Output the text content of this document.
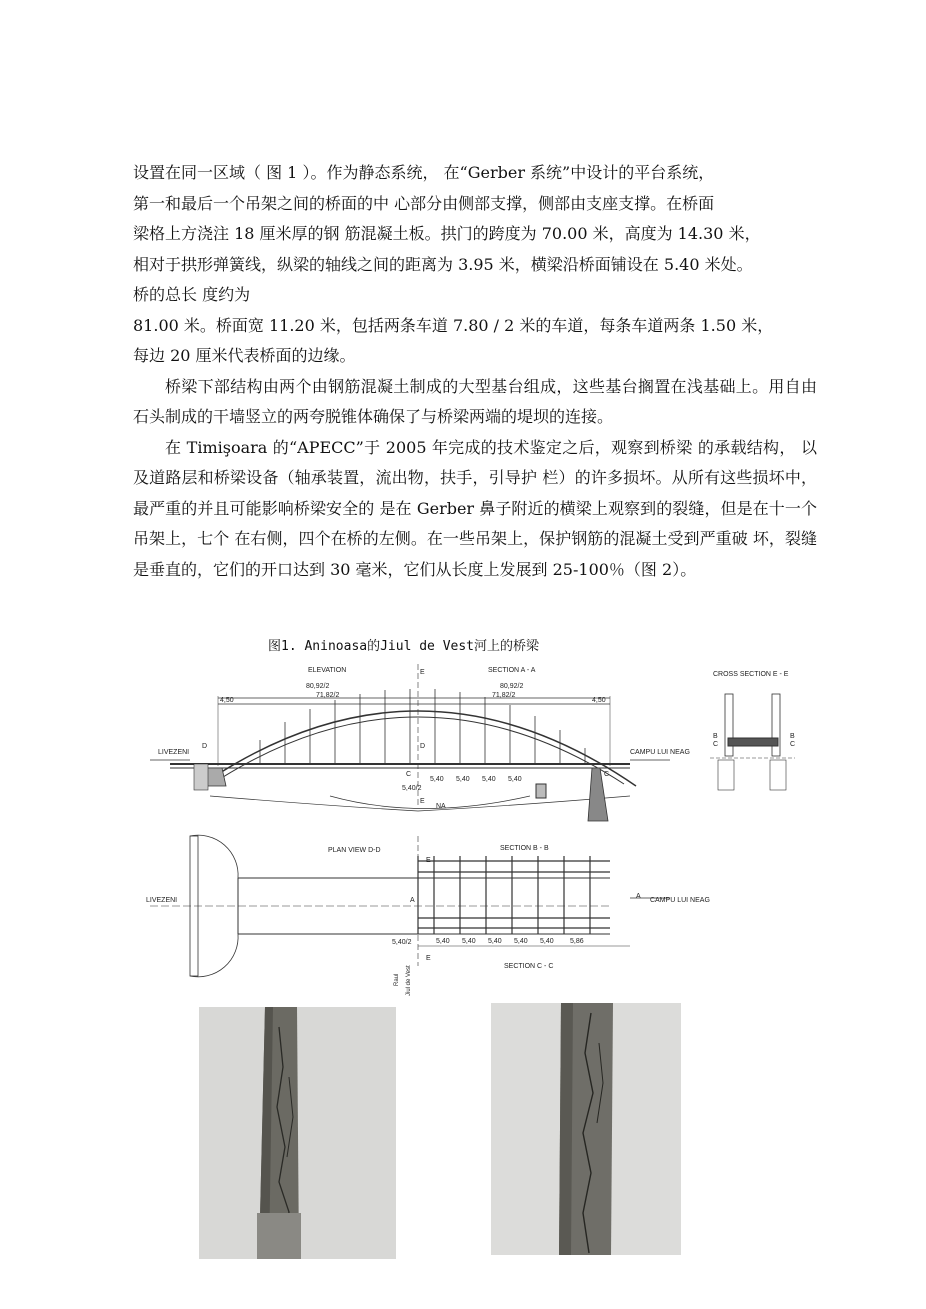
设置在同一区域（ 图 1 ）。作为静态系统， 在“Gerber 系统”中设计的平台系统，

第一和最后一个吊架之间的桥面的中 心部分由侧部支撑，侧部由支座支撑。在桥面

梁格上方浇注 18 厘米厚的钢 筋混凝土板。拱门的跨度为 70.00 米，高度为 14.30 米，

相对于拱形弹簧线，纵梁的轴线之间的距离为 3.95 米，横梁沿桥面铺设在 5.40 米处。

桥的总长 度约为

81.00 米。桥面宽 11.20 米，包括两条车道 7.80 / 2 米的车道，每条车道两条 1.50 米，

每边 20 厘米代表桥面的边缘。

桥梁下部结构由两个由钢筋混凝土制成的大型基台组成，这些基台搁置在浅基础上。用自由石头制成的干墙竖立的两夸脱锥体确保了与桥梁两端的堤坝的连接。

在 Timişoara 的“APECC”于 2005 年完成的技术鉴定之后，观察到桥梁 的承载结构， 以及道路层和桥梁设备（轴承装置，流出物，扶手，引导护 栏）的许多损坏。从所有这些损坏中，最严重的并且可能影响桥梁安全的 是在 Gerber 鼻子附近的横梁上观察到的裂缝，但是在十一个吊架上，七个 在右侧，四个在桥的左侧。在一些吊架上，保护钢筋的混凝土受到严重破 坏，裂缝是垂直的，它们的开口达到 30 毫米，它们从长度上发展到 25-100％（图 2）。

图1. Aninoasa的Jiul de Vest河上的桥梁
ELEVATION	SECTION A - A
CROSS SECTION E - E
80,92/2	80,92/2
71,82/2	71,82/2
4,50	4,50
LIVEZENI	CAMPU LUI NEAG
5,40 5,40 5,40 5,40
5,40/2
NA
E
E
C	C
D	D
B	B
C	C
PLAN VIEW D-D	SECTION B - B
E
E
LIVEZENI	CAMPU LUI NEAG
A
A
5,40/2	5,40 5,40 5,40 5,40 5,40 5,86
SECTION C - C
Raul Jiul de Vest
